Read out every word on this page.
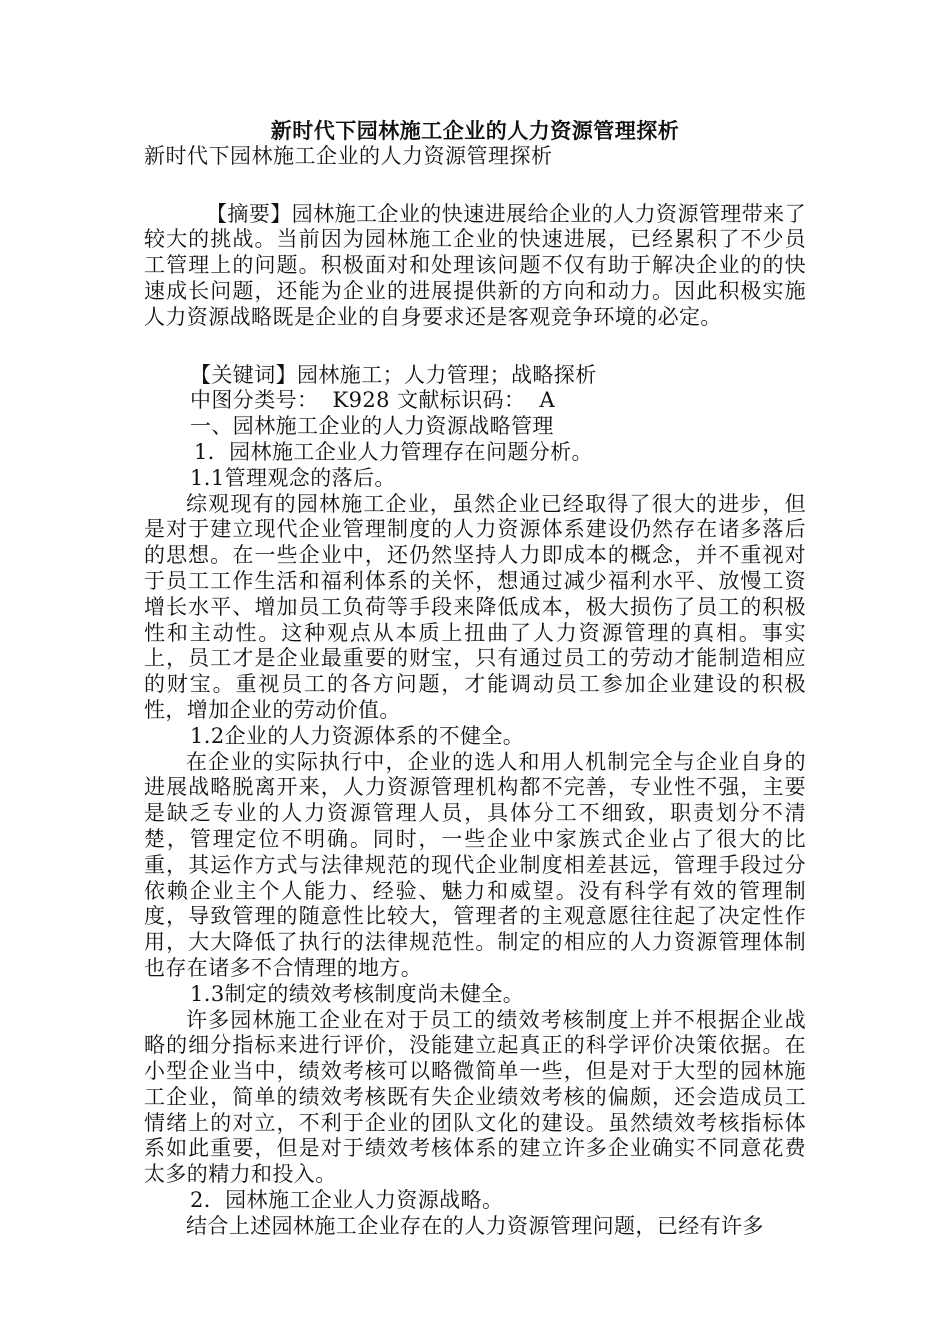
新时代下园林施工企业的人力资源管理探析

新时代下园林施工企业的人力资源管理探析

【摘要】园林施工企业的快速进展给企业的人力资源管理带来了较大的挑战。当前因为园林施工企业的快速进展，已经累积了不少员工管理上的问题。积极面对和处理该问题不仅有助于解决企业的的快速成长问题，还能为企业的进展提供新的方向和动力。因此积极实施人力资源战略既是企业的自身要求还是客观竞争环境的必定。

【关键词】园林施工；人力管理；战略探析

中图分类号：  K928 文献标识码：  A

一、园林施工企业的人力资源战略管理

1．园林施工企业人力管理存在问题分析。

1.1管理观念的落后。

综观现有的园林施工企业，虽然企业已经取得了很大的进步，但是对于建立现代企业管理制度的人力资源体系建设仍然存在诸多落后的思想。在一些企业中，还仍然坚持人力即成本的概念，并不重视对于员工工作生活和福利体系的关怀，想通过减少福利水平、放慢工资增长水平、增加员工负荷等手段来降低成本，极大损伤了员工的积极性和主动性。这种观点从本质上扭曲了人力资源管理的真相。事实上，员工才是企业最重要的财宝，只有通过员工的劳动才能制造相应的财宝。重视员工的各方问题，才能调动员工参加企业建设的积极性，增加企业的劳动价值。

1.2企业的人力资源体系的不健全。

在企业的实际执行中，企业的选人和用人机制完全与企业自身的进展战略脱离开来，人力资源管理机构都不完善，专业性不强，主要是缺乏专业的人力资源管理人员，具体分工不细致，职责划分不清楚，管理定位不明确。同时，一些企业中家族式企业占了很大的比重，其运作方式与法律规范的现代企业制度相差甚远，管理手段过分依赖企业主个人能力、经验、魅力和威望。没有科学有效的管理制度，导致管理的随意性比较大，管理者的主观意愿往往起了决定性作用，大大降低了执行的法律规范性。制定的相应的人力资源管理体制也存在诸多不合情理的地方。

1.3制定的绩效考核制度尚未健全。

许多园林施工企业在对于员工的绩效考核制度上并不根据企业战略的细分指标来进行评价，没能建立起真正的科学评价决策依据。在小型企业当中，绩效考核可以略微简单一些，但是对于大型的园林施工企业，简单的绩效考核既有失企业绩效考核的偏颇，还会造成员工情绪上的对立，不利于企业的团队文化的建设。虽然绩效考核指标体系如此重要，但是对于绩效考核体系的建立许多企业确实不同意花费太多的精力和投入。

2．园林施工企业人力资源战略。

结合上述园林施工企业存在的人力资源管理问题，已经有许多
